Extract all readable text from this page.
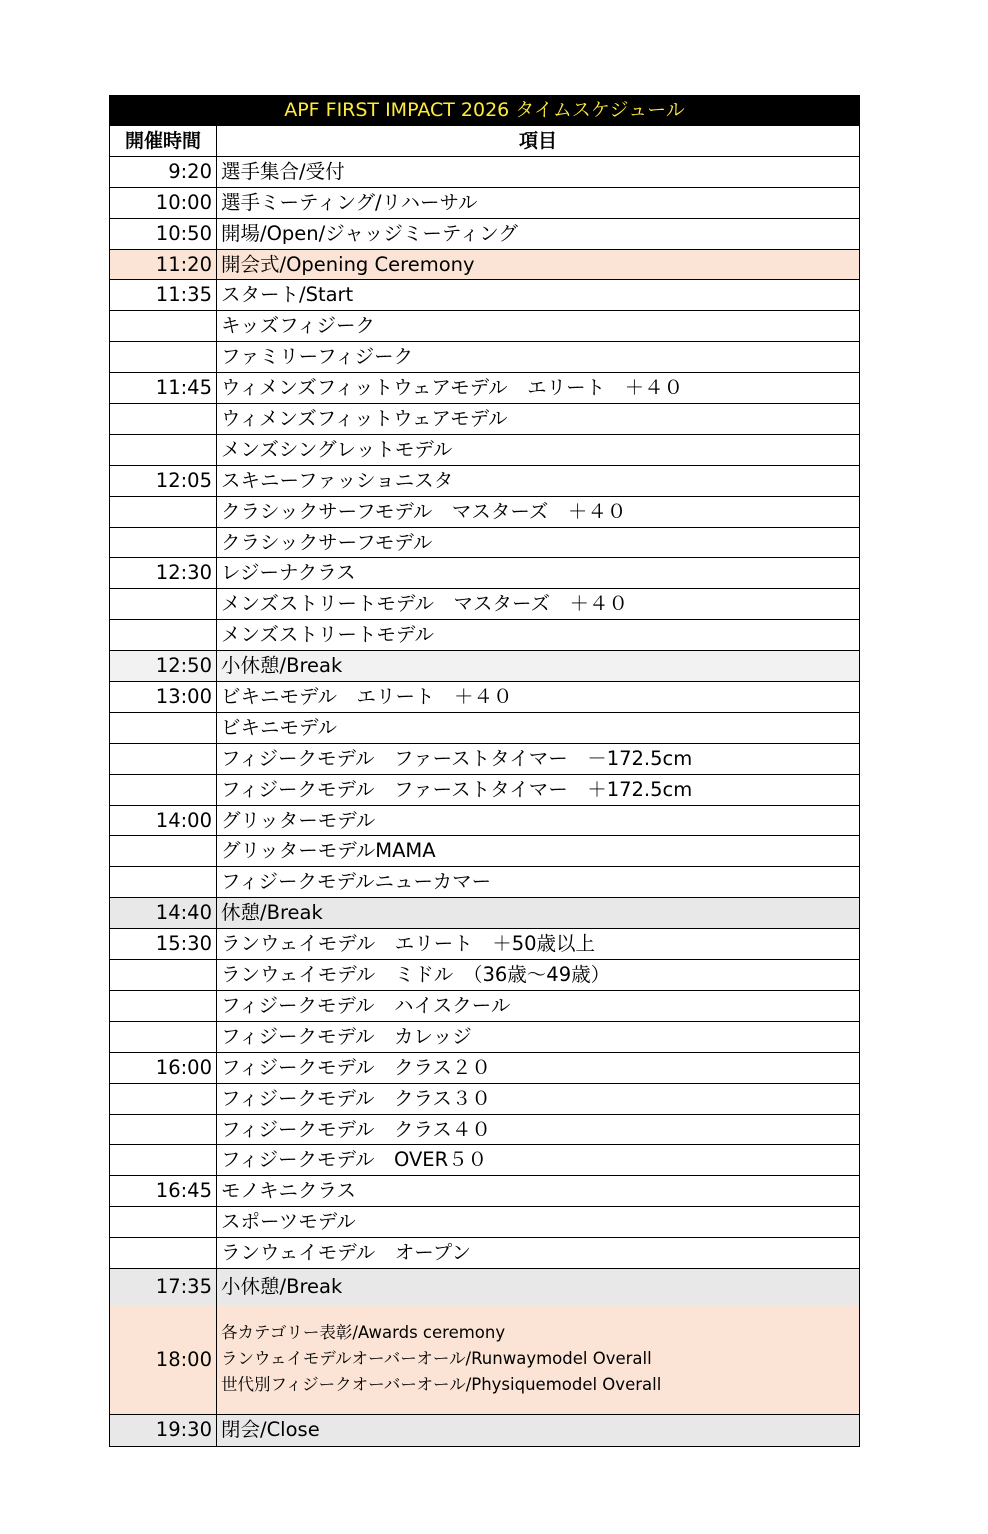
APF FIRST IMPACT 2026 タイムスケジュール
開催時間	項目
9:20 選手集合/受付
10:00 選手ミーティング/リハーサル
10:50 開場/Open/ジャッジミーティング
11:20 開会式/Opening Ceremony
11:35 スタート/Start
キッズフィジーク
ファミリーフィジーク
11:45 ウィメンズフィットウェアモデル　エリート　＋４０
ウィメンズフィットウェアモデル
メンズシングレットモデル
12:05 スキニーファッショニスタ
クラシックサーフモデル　マスターズ　＋４０
クラシックサーフモデル
12:30 レジーナクラス
メンズストリートモデル　マスターズ　＋４０
メンズストリートモデル
12:50 小休憩/Break
13:00 ビキニモデル　エリート　＋４０
ビキニモデル
フィジークモデル　ファーストタイマー　－172.5cm
フィジークモデル　ファーストタイマー　＋172.5cm
14:00 グリッターモデル
グリッターモデルMAMA
フィジークモデルニューカマー
14:40 休憩/Break
15:30 ランウェイモデル　エリート　＋50歳以上
ランウェイモデル　ミドル　（36歳～49歳）
フィジークモデル　ハイスクール
フィジークモデル　カレッジ
16:00 フィジークモデル　クラス２０
フィジークモデル　クラス３０
フィジークモデル　クラス４０
フィジークモデル　OVER５０
16:45 モノキニクラス
スポーツモデル
ランウェイモデル　オープン
17:35 小休憩/Break
18:00
各カテゴリー表彰/Awards ceremony
ランウェイモデルオーバーオール/Runwaymodel Overall
世代別フィジークオーバーオール/Physiquemodel Overall
19:30 閉会/Close
